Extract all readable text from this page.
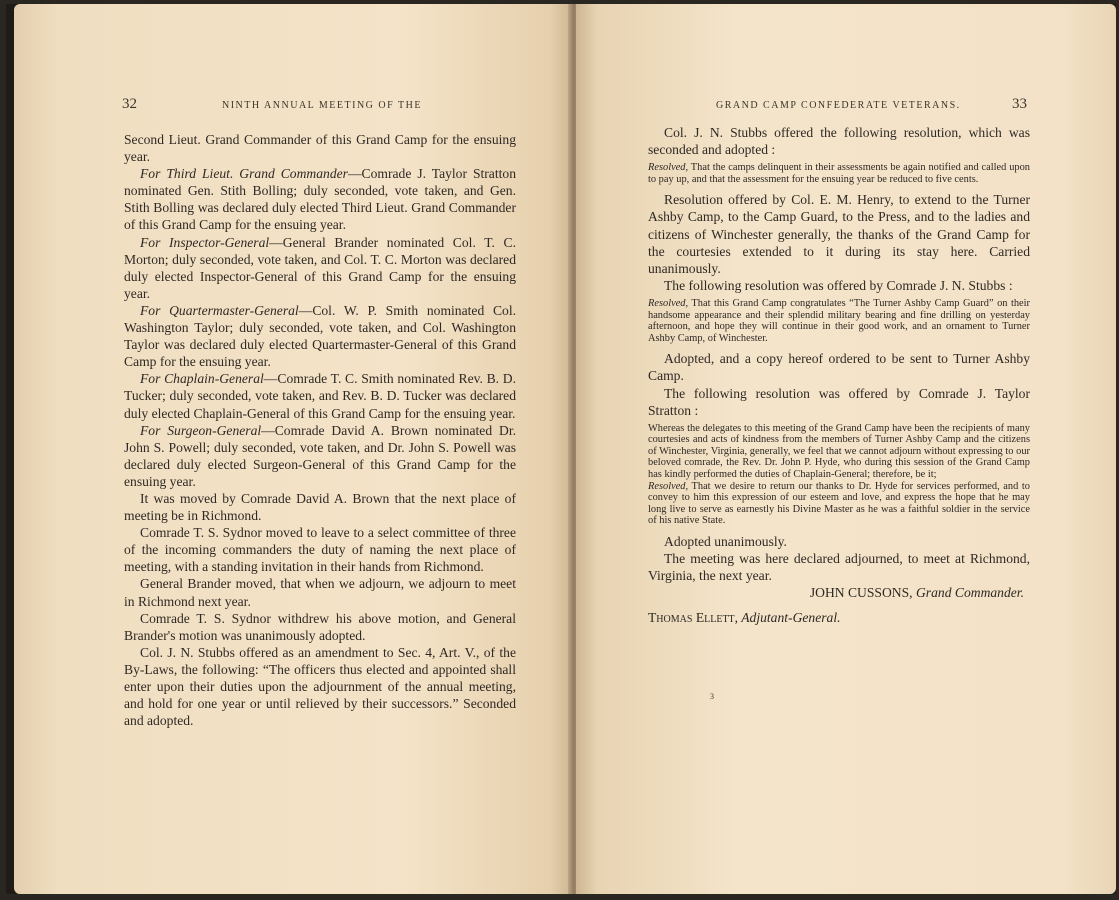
32	NINTH ANNUAL MEETING OF THE

Second Lieut. Grand Commander of this Grand Camp for the ensuing year.

For Third Lieut. Grand Commander—Comrade J. Taylor Stratton nominated Gen. Stith Bolling; duly seconded, vote taken, and Gen. Stith Bolling was declared duly elected Third Lieut. Grand Commander of this Grand Camp for the ensuing year.

For Inspector-General—General Brander nominated Col. T. C. Morton; duly seconded, vote taken, and Col. T. C. Morton was declared duly elected Inspector-General of this Grand Camp for the ensuing year.

For Quartermaster-General—Col. W. P. Smith nominated Col. Washington Taylor; duly seconded, vote taken, and Col. Washington Taylor was declared duly elected Quartermaster-General of this Grand Camp for the ensuing year.

For Chaplain-General—Comrade T. C. Smith nominated Rev. B. D. Tucker; duly seconded, vote taken, and Rev. B. D. Tucker was declared duly elected Chaplain-General of this Grand Camp for the ensuing year.

For Surgeon-General—Comrade David A. Brown nominated Dr. John S. Powell; duly seconded, vote taken, and Dr. John S. Powell was declared duly elected Surgeon-General of this Grand Camp for the ensuing year.

It was moved by Comrade David A. Brown that the next place of meeting be in Richmond.

Comrade T. S. Sydnor moved to leave to a select committee of three of the incoming commanders the duty of naming the next place of meeting, with a standing invitation in their hands from Richmond.

General Brander moved, that when we adjourn, we adjourn to meet in Richmond next year.

Comrade T. S. Sydnor withdrew his above motion, and General Brander's motion was unanimously adopted.

Col. J. N. Stubbs offered as an amendment to Sec. 4, Art. V., of the By-Laws, the following: “The officers thus elected and appointed shall enter upon their duties upon the adjournment of the annual meeting, and hold for one year or until relieved by their successors.” Seconded and adopted.

GRAND CAMP CONFEDERATE VETERANS.	33

Col. J. N. Stubbs offered the following resolution, which was seconded and adopted :

Resolved, That the camps delinquent in their assessments be again notified and called upon to pay up, and that the assessment for the ensuing year be reduced to five cents.

Resolution offered by Col. E. M. Henry, to extend to the Turner Ashby Camp, to the Camp Guard, to the Press, and to the ladies and citizens of Winchester generally, the thanks of the Grand Camp for the courtesies extended to it during its stay here. Carried unanimously.

The following resolution was offered by Comrade J. N. Stubbs :

Resolved, That this Grand Camp congratulates “The Turner Ashby Camp Guard” on their handsome appearance and their splendid military bearing and fine drilling on yesterday afternoon, and hope they will continue in their good work, and an ornament to Turner Ashby Camp, of Winchester.

Adopted, and a copy hereof ordered to be sent to Turner Ashby Camp.

The following resolution was offered by Comrade J. Taylor Stratton :

Whereas the delegates to this meeting of the Grand Camp have been the recipients of many courtesies and acts of kindness from the members of Turner Ashby Camp and the citizens of Winchester, Virginia, generally, we feel that we cannot adjourn without expressing to our beloved comrade, the Rev. Dr. John P. Hyde, who during this session of the Grand Camp has kindly performed the duties of Chaplain-General; therefore, be it;

Resolved, That we desire to return our thanks to Dr. Hyde for services performed, and to convey to him this expression of our esteem and love, and express the hope that he may long live to serve as earnestly his Divine Master as he was a faithful soldier in the service of his native State.

Adopted unanimously.

The meeting was here declared adjourned, to meet at Richmond, Virginia, the next year.

JOHN CUSSONS, Grand Commander.

Thomas Ellett, Adjutant-General.

3
